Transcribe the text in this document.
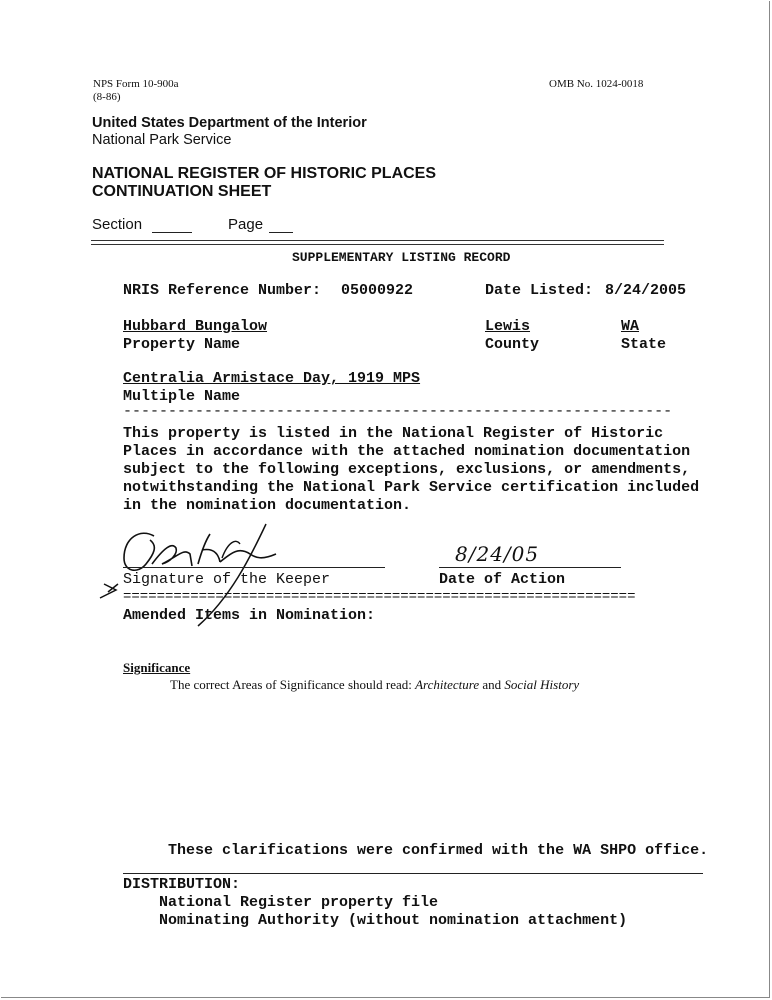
NPS Form 10-900a
(8-86)
OMB No. 1024-0018
United States Department of the Interior
National Park Service
NATIONAL REGISTER OF HISTORIC PLACES
CONTINUATION SHEET
Section	Page
SUPPLEMENTARY LISTING RECORD
NRIS Reference Number: 05000922	Date Listed: 8/24/2005
Hubbard Bungalow
Property Name
Lewis
County
WA
State
Centralia Armistace Day, 1919 MPS
Multiple Name
-------------------------------------------------------------
This property is listed in the National Register of Historic
Places in accordance with the attached nomination documentation
subject to the following exceptions, exclusions, or amendments,
notwithstanding the National Park Service certification included
in the nomination documentation.
Signature of the Keeper
8/24/05
Date of Action
=============================================================
Amended Items in Nomination:
Significance
The correct Areas of Significance should read: Architecture and Social History
These clarifications were confirmed with the WA SHPO office.
DISTRIBUTION:
National Register property file
Nominating Authority (without nomination attachment)
